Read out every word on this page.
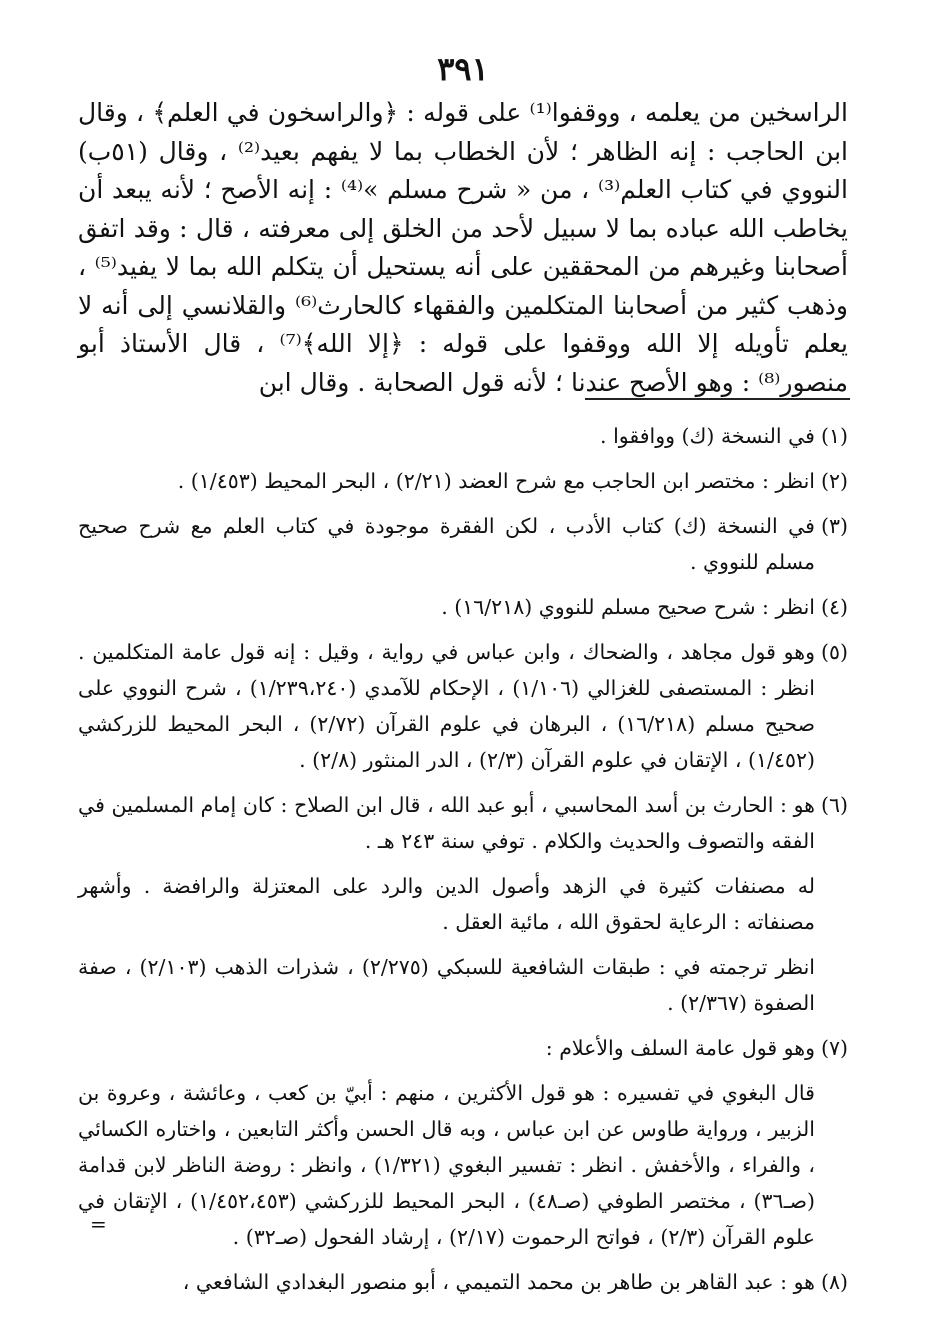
٣٩١

الراسخين من يعلمه ، ووقفوا⁽¹⁾ على قوله : ﴿والراسخون في العلم﴾ ، وقال ابن الحاجب : إنه الظاهر ؛ لأن الخطاب بما لا يفهم بعيد⁽²⁾ ، وقال (٥١ب) النووي في كتاب العلم⁽³⁾ ، من « شرح مسلم »⁽⁴⁾ : إنه الأصح ؛ لأنه يبعد أن يخاطب الله عباده بما لا سبيل لأحد من الخلق إلى معرفته ، قال : وقد اتفق أصحابنا وغيرهم من المحققين على أنه يستحيل أن يتكلم الله بما لا يفيد⁽⁵⁾ ، وذهب كثير من أصحابنا المتكلمين والفقهاء كالحارث⁽⁶⁾ والقلانسي إلى أنه لا يعلم تأويله إلا الله ووقفوا على قوله : ﴿إلا الله﴾⁽⁷⁾ ، قال الأستاذ أبو منصور⁽⁸⁾ : وهو الأصح عندنا ؛ لأنه قول الصحابة . وقال ابن

(١)

في النسخة (ك) ووافقوا .

(٢)

انظر : مختصر ابن الحاجب مع شرح العضد (٢/٢١) ، البحر المحيط (١/٤٥٣) .

(٣)

في النسخة (ك) كتاب الأدب ، لكن الفقرة موجودة في كتاب العلم مع شرح صحيح مسلم للنووي .

(٤)

انظر : شرح صحيح مسلم للنووي (١٦/٢١٨) .

(٥)

وهو قول مجاهد ، والضحاك ، وابن عباس في رواية ، وقيل : إنه قول عامة المتكلمين . انظر : المستصفى للغزالي (١/١٠٦) ، الإحكام للآمدي (١/٢٣٩،٢٤٠) ، شرح النووي على صحيح مسلم (١٦/٢١٨) ، البرهان في علوم القرآن (٢/٧٢) ، البحر المحيط للزركشي (١/٤٥٢) ، الإتقان في علوم القرآن (٢/٣) ، الدر المنثور (٢/٨) .

(٦)

هو : الحارث بن أسد المحاسبي ، أبو عبد الله ، قال ابن الصلاح : كان إمام المسلمين في الفقه والتصوف والحديث والكلام . توفي سنة ٢٤٣ هـ .

له مصنفات كثيرة في الزهد وأصول الدين والرد على المعتزلة والرافضة . وأشهر مصنفاته : الرعاية لحقوق الله ، مائية العقل .

انظر ترجمته في : طبقات الشافعية للسبكي (٢/٢٧٥) ، شذرات الذهب (٢/١٠٣) ، صفة الصفوة (٢/٣٦٧) .

(٧)

وهو قول عامة السلف والأعلام :

قال البغوي في تفسيره : هو قول الأكثرين ، منهم : أبيّ بن كعب ، وعائشة ، وعروة بن الزبير ، ورواية طاوس عن ابن عباس ، وبه قال الحسن وأكثر التابعين ، واختاره الكسائي ، والفراء ، والأخفش . انظر : تفسير البغوي (١/٣٢١) ، وانظر : روضة الناظر لابن قدامة (صـ٣٦) ، مختصر الطوفي (صـ٤٨) ، البحر المحيط للزركشي (١/٤٥٢،٤٥٣) ، الإتقان في علوم القرآن (٢/٣) ، فواتح الرحموت (٢/١٧) ، إرشاد الفحول (صـ٣٢) .

(٨)

هو : عبد القاهر بن طاهر بن محمد التميمي ، أبو منصور البغدادي الشافعي ،

=
